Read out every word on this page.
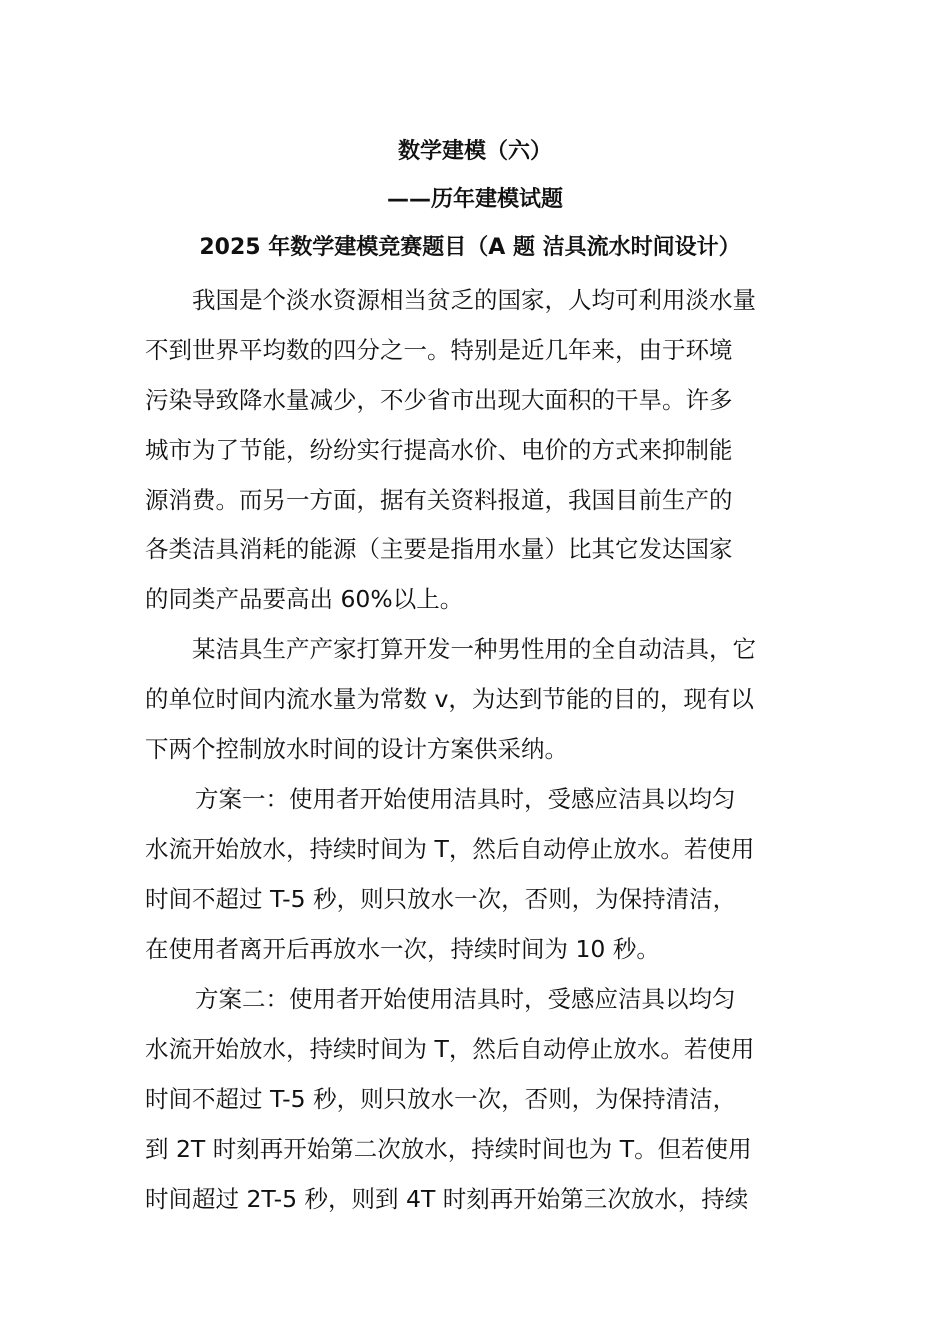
数学建模（六）
——历年建模试题
2025 年数学建模竞赛题目（A 题 洁具流水时间设计）
我国是个淡水资源相当贫乏的国家，人均可利用淡水量
不到世界平均数的四分之一。特别是近几年来，由于环境
污染导致降水量减少，不少省市出现大面积的干旱。许多
城市为了节能，纷纷实行提高水价、电价的方式来抑制能
源消费。而另一方面，据有关资料报道，我国目前生产的
各类洁具消耗的能源（主要是指用水量）比其它发达国家
的同类产品要高出 60%以上。
某洁具生产产家打算开发一种男性用的全自动洁具，它
的单位时间内流水量为常数 v，为达到节能的目的，现有以
下两个控制放水时间的设计方案供采纳。
方案一：使用者开始使用洁具时，受感应洁具以均匀
水流开始放水，持续时间为 T，然后自动停止放水。若使用
时间不超过 T-5 秒，则只放水一次，否则，为保持清洁，
在使用者离开后再放水一次，持续时间为 10 秒。
方案二：使用者开始使用洁具时，受感应洁具以均匀
水流开始放水，持续时间为 T，然后自动停止放水。若使用
时间不超过 T-5 秒，则只放水一次，否则，为保持清洁，
到 2T 时刻再开始第二次放水，持续时间也为 T。但若使用
时间超过 2T-5 秒，则到 4T 时刻再开始第三次放水，持续
